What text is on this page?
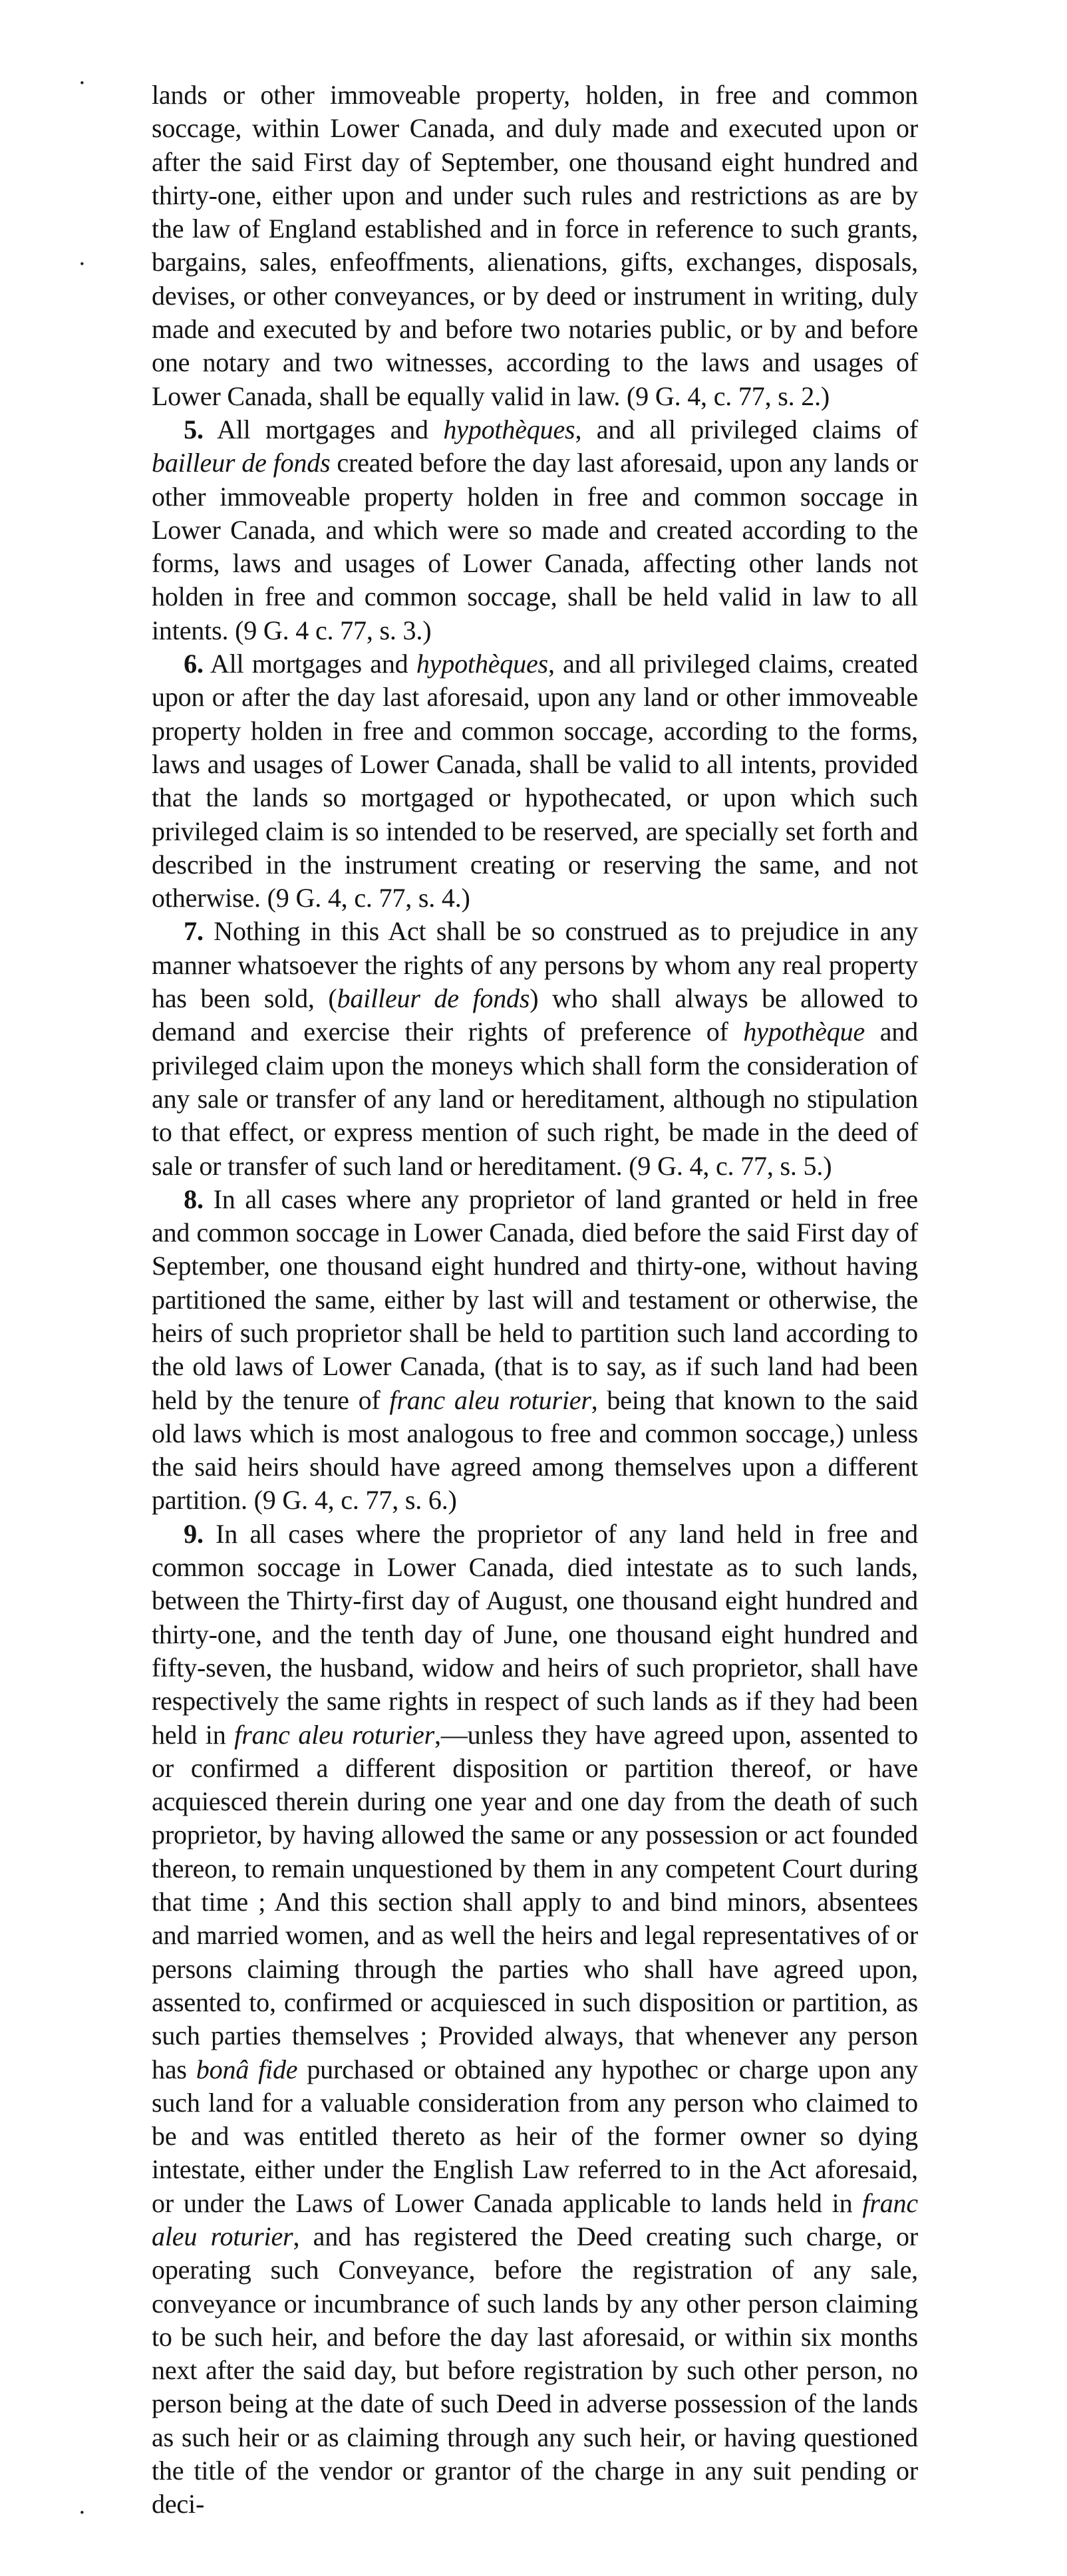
·
·
·

lands or other immoveable property, holden, in free and common soccage, within Lower Canada, and duly made and executed upon or after the said First day of September, one thousand eight hundred and thirty-one, either upon and under such rules and restrictions as are by the law of England established and in force in reference to such grants, bargains, sales, enfeoffments, alienations, gifts, exchanges, disposals, devises, or other conveyances, or by deed or instrument in writing, duly made and executed by and before two notaries public, or by and before one notary and two witnesses, according to the laws and usages of Lower Canada, shall be equally valid in law. (9 G. 4, c. 77, s. 2.)

5. All mortgages and hypothèques, and all privileged claims of bailleur de fonds created before the day last aforesaid, upon any lands or other immoveable property holden in free and common soccage in Lower Canada, and which were so made and created according to the forms, laws and usages of Lower Canada, affecting other lands not holden in free and common soccage, shall be held valid in law to all intents. (9 G. 4 c. 77, s. 3.)

6. All mortgages and hypothèques, and all privileged claims, created upon or after the day last aforesaid, upon any land or other immoveable property holden in free and common soccage, according to the forms, laws and usages of Lower Canada, shall be valid to all intents, provided that the lands so mortgaged or hypothecated, or upon which such privileged claim is so intended to be reserved, are specially set forth and described in the instrument creating or reserving the same, and not otherwise. (9 G. 4, c. 77, s. 4.)

7. Nothing in this Act shall be so construed as to prejudice in any manner whatsoever the rights of any persons by whom any real property has been sold, (bailleur de fonds) who shall always be allowed to demand and exercise their rights of preference of hypothèque and privileged claim upon the moneys which shall form the consideration of any sale or transfer of any land or hereditament, although no stipulation to that effect, or express mention of such right, be made in the deed of sale or transfer of such land or hereditament. (9 G. 4, c. 77, s. 5.)

8. In all cases where any proprietor of land granted or held in free and common soccage in Lower Canada, died before the said First day of September, one thousand eight hundred and thirty-one, without having partitioned the same, either by last will and testament or otherwise, the heirs of such proprietor shall be held to partition such land according to the old laws of Lower Canada, (that is to say, as if such land had been held by the tenure of franc aleu roturier, being that known to the said old laws which is most analogous to free and common soccage,) unless the said heirs should have agreed among themselves upon a different partition. (9 G. 4, c. 77, s. 6.)

9. In all cases where the proprietor of any land held in free and common soccage in Lower Canada, died intestate as to such lands, between the Thirty-first day of August, one thousand eight hundred and thirty-one, and the tenth day of June, one thousand eight hundred and fifty-seven, the husband, widow and heirs of such proprietor, shall have respectively the same rights in respect of such lands as if they had been held in franc aleu roturier,—unless they have agreed upon, assented to or confirmed a different disposition or partition thereof, or have acquiesced therein during one year and one day from the death of such proprietor, by having allowed the same or any possession or act founded thereon, to remain unquestioned by them in any competent Court during that time ; And this section shall apply to and bind minors, absentees and married women, and as well the heirs and legal representatives of or persons claiming through the parties who shall have agreed upon, assented to, confirmed or acquiesced in such disposition or partition, as such parties themselves ; Provided always, that whenever any person has bonâ fide purchased or obtained any hypothec or charge upon any such land for a valuable consideration from any person who claimed to be and was entitled thereto as heir of the former owner so dying intestate, either under the English Law referred to in the Act aforesaid, or under the Laws of Lower Canada applicable to lands held in franc aleu roturier, and has registered the Deed creating such charge, or operating such Conveyance, before the registration of any sale, conveyance or incumbrance of such lands by any other person claiming to be such heir, and before the day last aforesaid, or within six months next after the said day, but before registration by such other person, no person being at the date of such Deed in adverse possession of the lands as such heir or as claiming through any such heir, or having questioned the title of the vendor or grantor of the charge in any suit pending or deci-
